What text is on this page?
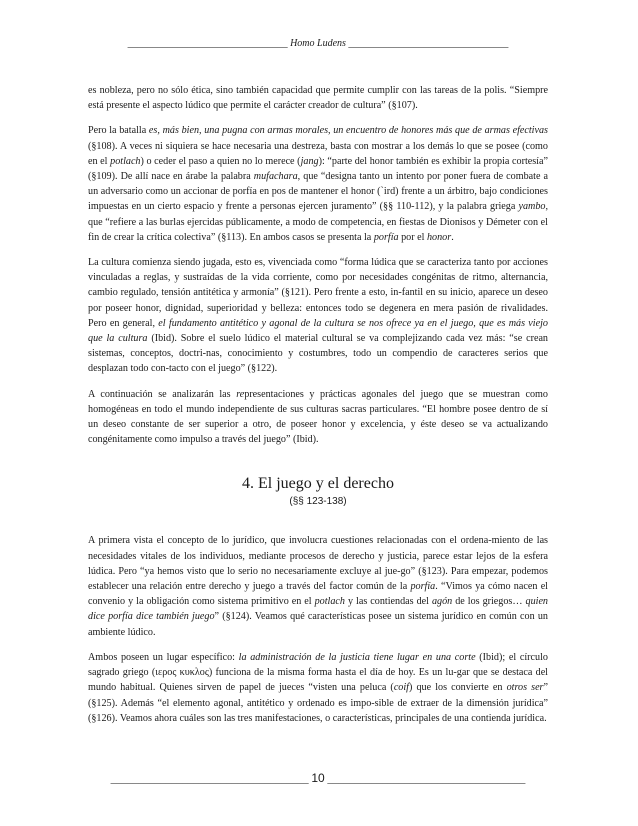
________________________________ Homo Ludens ________________________________

es nobleza, pero no sólo ética, sino también capacidad que permite cumplir con las tareas de la polis. “Siempre está presente el aspecto lúdico que permite el carácter creador de cultura” (§107).

Pero la batalla es, más bien, una pugna con armas morales, un encuentro de honores más que de armas efectivas (§108). A veces ni siquiera se hace necesaria una destreza, basta con mostrar a los demás lo que se posee (como en el potlach) o ceder el paso a quien no lo merece (jang): “parte del honor también es exhibir la propia cortesía” (§109). De allí nace en árabe la palabra mufachara, que “designa tanto un intento por poner fuera de combate a un adversario como un accionar de porfía en pos de mantener el honor (`ird) frente a un árbitro, bajo condiciones impuestas en un cierto espacio y frente a personas ejercen juramento” (§§ 110-112), y la palabra griega yambo, que “refiere a las burlas ejercidas públicamente, a modo de competencia, en fiestas de Dionisos y Démeter con el fin de crear la crítica colectiva” (§113). En ambos casos se presenta la porfía por el honor.

La cultura comienza siendo jugada, esto es, vivenciada como “forma lúdica que se caracteriza tanto por acciones vinculadas a reglas, y sustraídas de la vida corriente, como por necesidades congénitas de ritmo, alternancia, cambio regulado, tensión antitética y armonía” (§121). Pero frente a esto, in-fantil en su inicio, aparece un deseo por poseer honor, dignidad, superioridad y belleza: entonces todo se degenera en mera pasión de rivalidades. Pero en general, el fundamento antitético y agonal de la cultura se nos ofrece ya en el juego, que es más viejo que la cultura (Ibid). Sobre el suelo lúdico el material cultural se va complejizando cada vez más: “se crean sistemas, conceptos, doctri-nas, conocimiento y costumbres, todo un compendio de caracteres serios que desplazan todo con-tacto con el juego” (§122).

A continuación se analizarán las representaciones y prácticas agonales del juego que se muestran como homogéneas en todo el mundo independiente de sus culturas sacras particulares. “El hombre posee dentro de sí un deseo constante de ser superior a otro, de poseer honor y excelencia, y éste deseo se va actualizando congénitamente como impulso a través del juego” (Ibid).

4. El juego y el derecho
(§§ 123-138)

A primera vista el concepto de lo jurídico, que involucra cuestiones relacionadas con el ordena-miento de las necesidades vitales de los individuos, mediante procesos de derecho y justicia, parece estar lejos de la esfera lúdica. Pero “ya hemos visto que lo serio no necesariamente excluye al jue-go” (§123). Para empezar, podemos establecer una relación entre derecho y juego a través del factor común de la porfía. “Vimos ya cómo nacen el convenio y la obligación como sistema primitivo en el potlach y las contiendas del agón de los griegos… quien dice porfía dice también juego” (§124). Veamos qué características posee un sistema jurídico en común con un ambiente lúdico.

Ambos poseen un lugar específico: la administración de la justicia tiene lugar en una corte (Ibid); el círculo sagrado griego (ιερος κυκλος) funciona de la misma forma hasta el día de hoy. Es un lu-gar que se destaca del mundo habitual. Quienes sirven de papel de jueces “visten una peluca (coif) que los convierte en otros ser” (§125). Además “el elemento agonal, antitético y ordenado es impo-sible de extraer de la dimensión jurídica” (§126). Veamos ahora cuáles son las tres manifestaciones, o características, principales de una contienda jurídica.

____________________________________ 10 ____________________________________
